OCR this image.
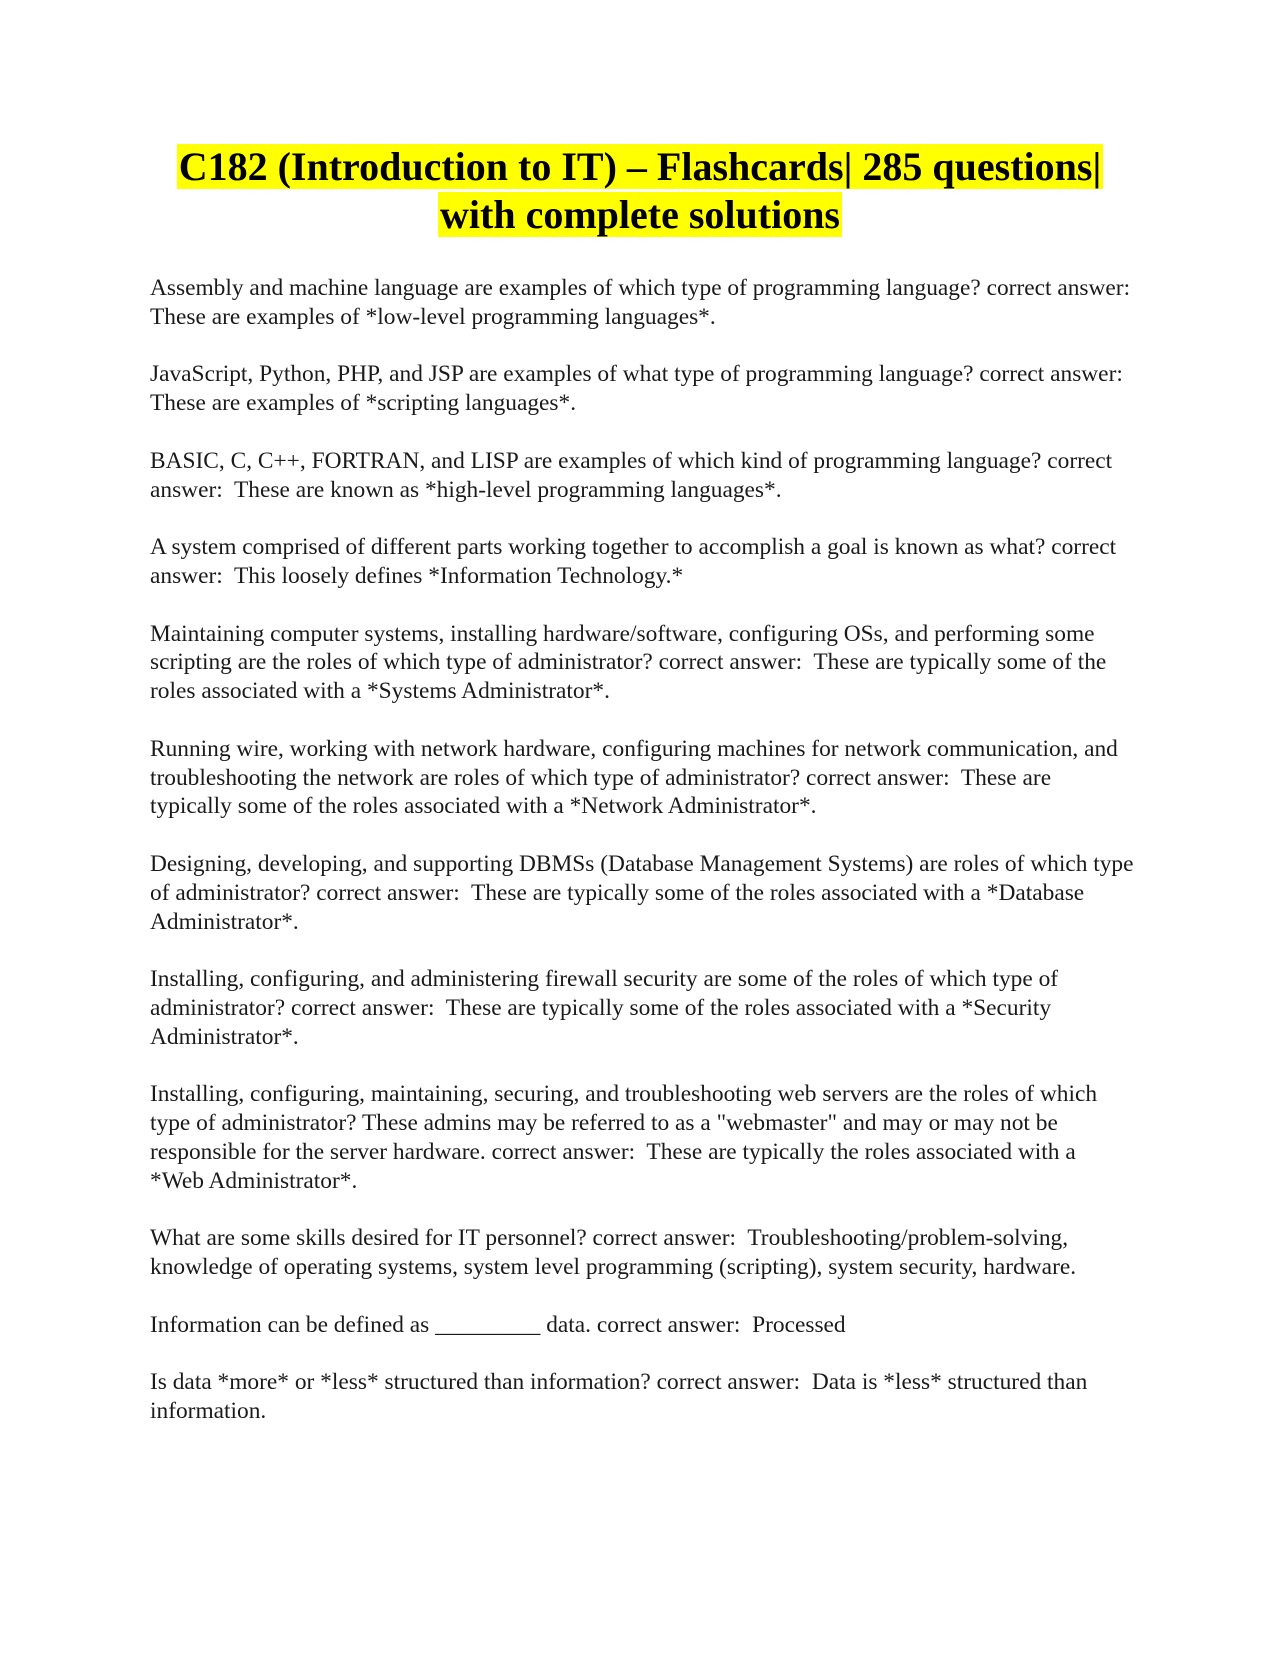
C182 (Introduction to IT) – Flashcards| 285 questions|
with complete solutions

Assembly and machine language are examples of which type of programming language? correct answer:  These are examples of *low-level programming languages*.

JavaScript, Python, PHP, and JSP are examples of what type of programming language? correct answer:  These are examples of *scripting languages*.

BASIC, C, C++, FORTRAN, and LISP are examples of which kind of programming language? correct answer:  These are known as *high-level programming languages*.

A system comprised of different parts working together to accomplish a goal is known as what? correct answer:  This loosely defines *Information Technology.*

Maintaining computer systems, installing hardware/software, configuring OSs, and performing some scripting are the roles of which type of administrator? correct answer:  These are typically some of the roles associated with a *Systems Administrator*.

Running wire, working with network hardware, configuring machines for network communication, and troubleshooting the network are roles of which type of administrator? correct answer:  These are typically some of the roles associated with a *Network Administrator*.

Designing, developing, and supporting DBMSs (Database Management Systems) are roles of which type of administrator? correct answer:  These are typically some of the roles associated with a *Database Administrator*.

Installing, configuring, and administering firewall security are some of the roles of which type of administrator? correct answer:  These are typically some of the roles associated with a *Security Administrator*.

Installing, configuring, maintaining, securing, and troubleshooting web servers are the roles of which type of administrator? These admins may be referred to as a "webmaster" and may or may not be responsible for the server hardware. correct answer:  These are typically the roles associated with a *Web Administrator*.

What are some skills desired for IT personnel? correct answer:  Troubleshooting/problem-solving, knowledge of operating systems, system level programming (scripting), system security, hardware.

Information can be defined as _________ data. correct answer:  Processed

Is data *more* or *less* structured than information? correct answer:  Data is *less* structured than information.
